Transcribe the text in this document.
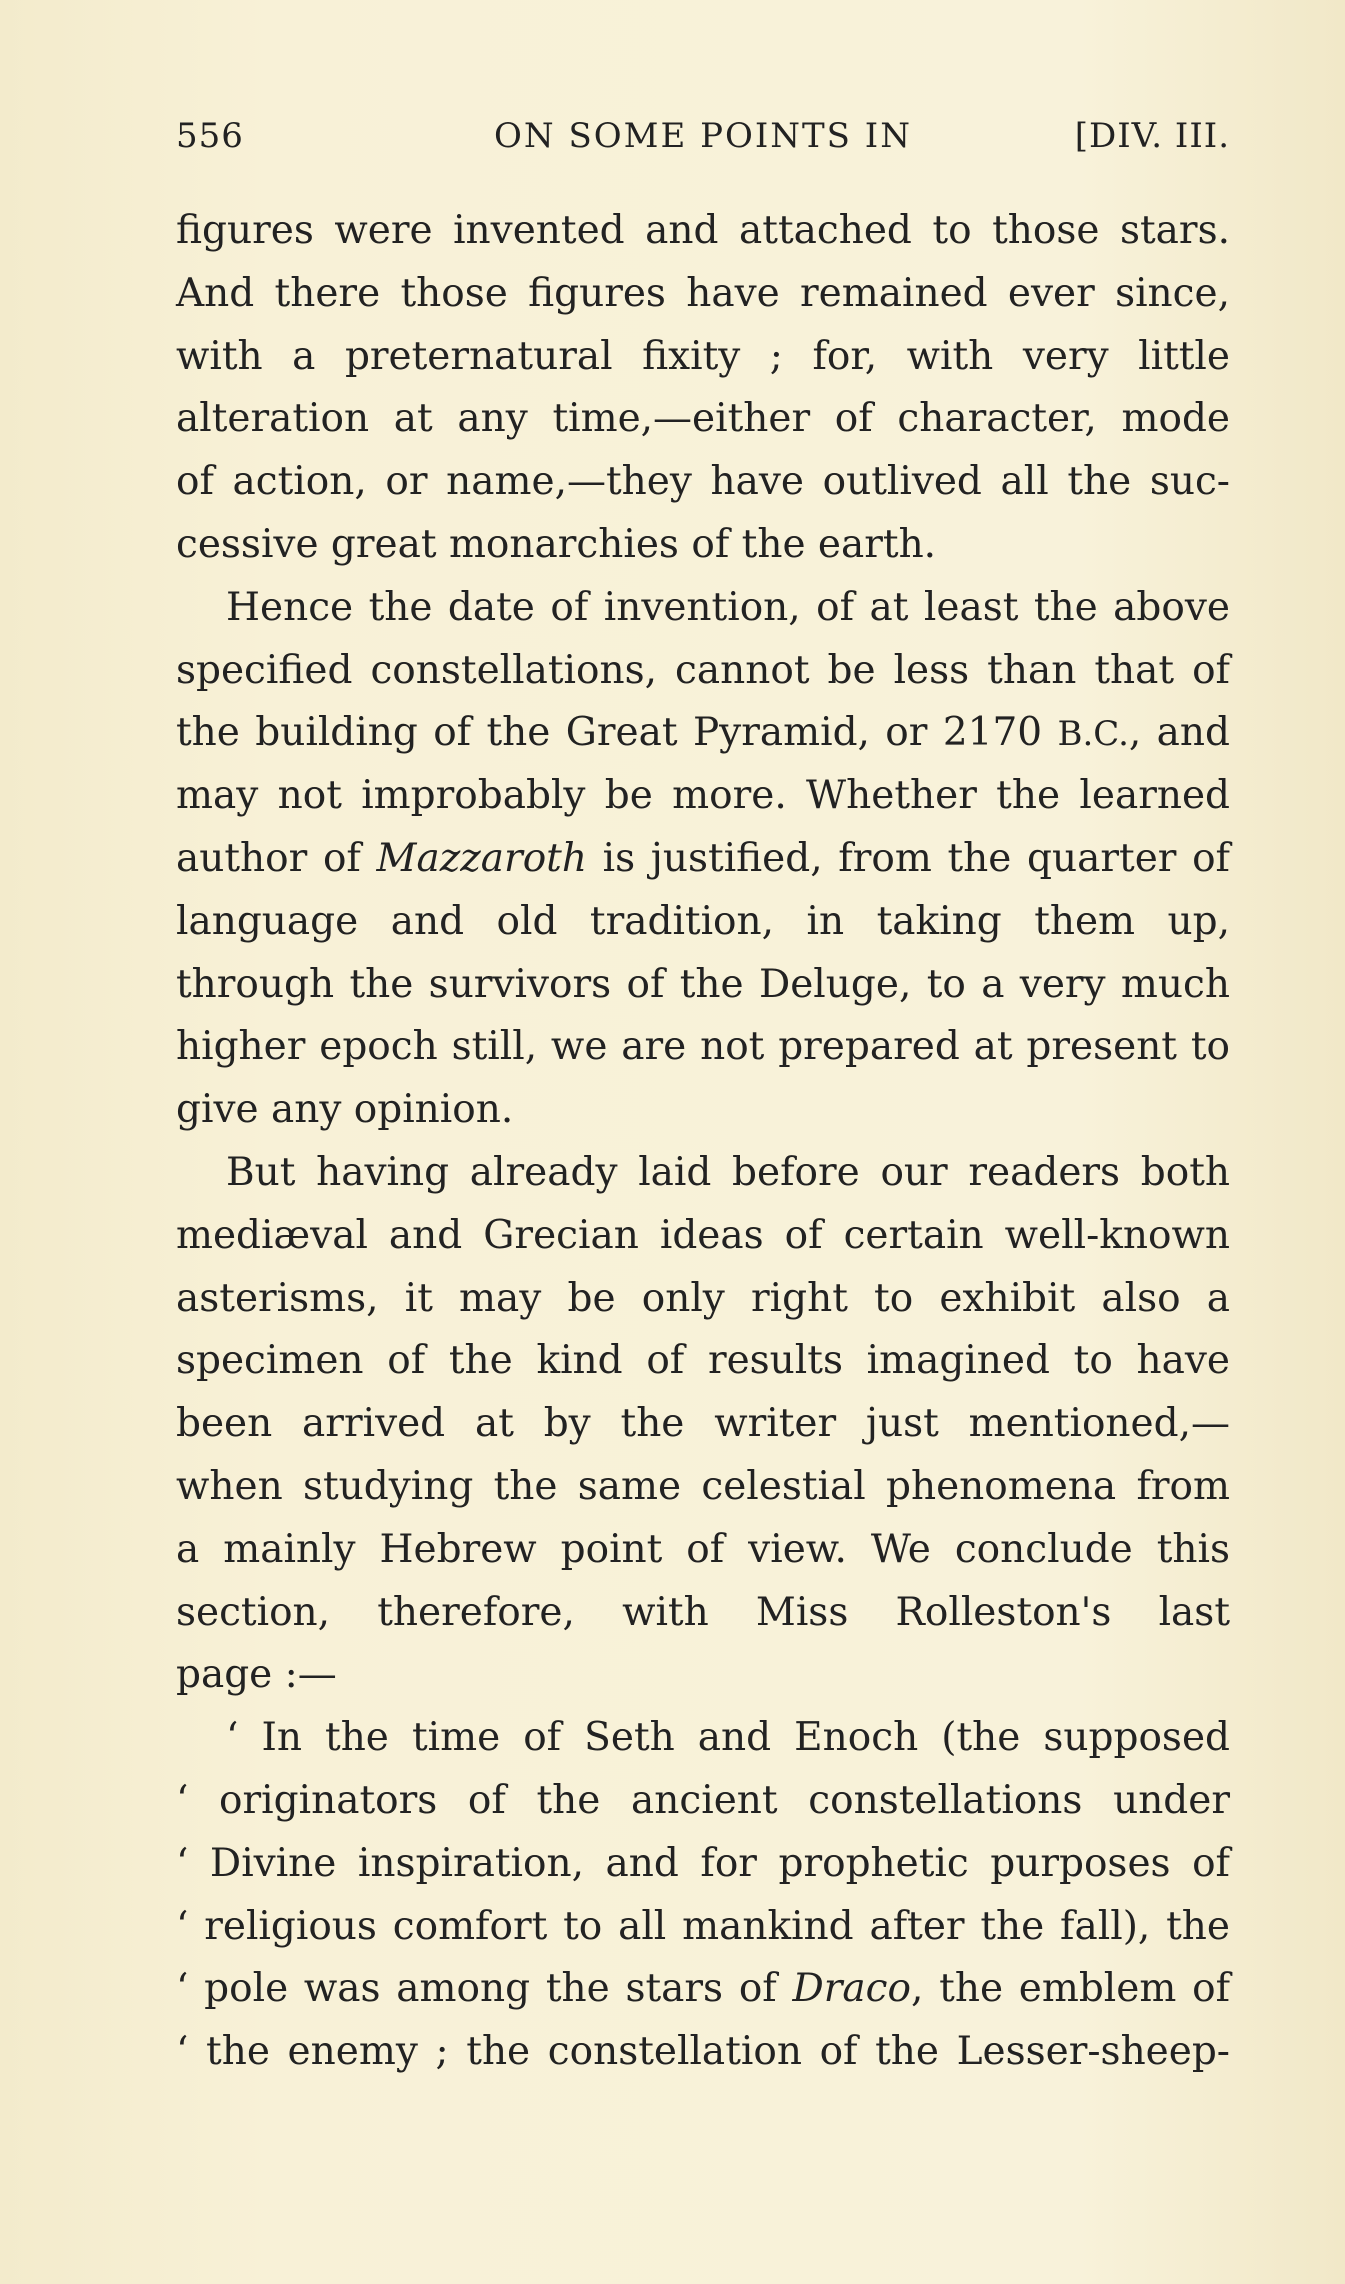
556	ON SOME POINTS IN	[DIV. III.
figures were invented and attached to those stars.
And there those figures have remained ever since,
with a preternatural fixity ; for, with very little
alteration at any time,—either of character, mode
of action, or name,—they have outlived all the suc-
cessive great monarchies of the earth.
Hence the date of invention, of at least the above
specified constellations, cannot be less than that of
the building of the Great Pyramid, or 2170 B.C., and
may not improbably be more. Whether the learned
author of Mazzaroth is justified, from the quarter of
language and old tradition, in taking them up,
through the survivors of the Deluge, to a very much
higher epoch still, we are not prepared at present to
give any opinion.
But having already laid before our readers both
mediæval and Grecian ideas of certain well-known
asterisms, it may be only right to exhibit also a
specimen of the kind of results imagined to have
been arrived at by the writer just mentioned,—
when studying the same celestial phenomena from
a mainly Hebrew point of view. We conclude this
section, therefore, with Miss Rolleston's last
page :—
‘ In the time of Seth and Enoch (the supposed
‘ originators of the ancient constellations under
‘ Divine inspiration, and for prophetic purposes of
‘ religious comfort to all mankind after the fall), the
‘ pole was among the stars of Draco, the emblem of
‘ the enemy ; the constellation of the Lesser-sheep-
